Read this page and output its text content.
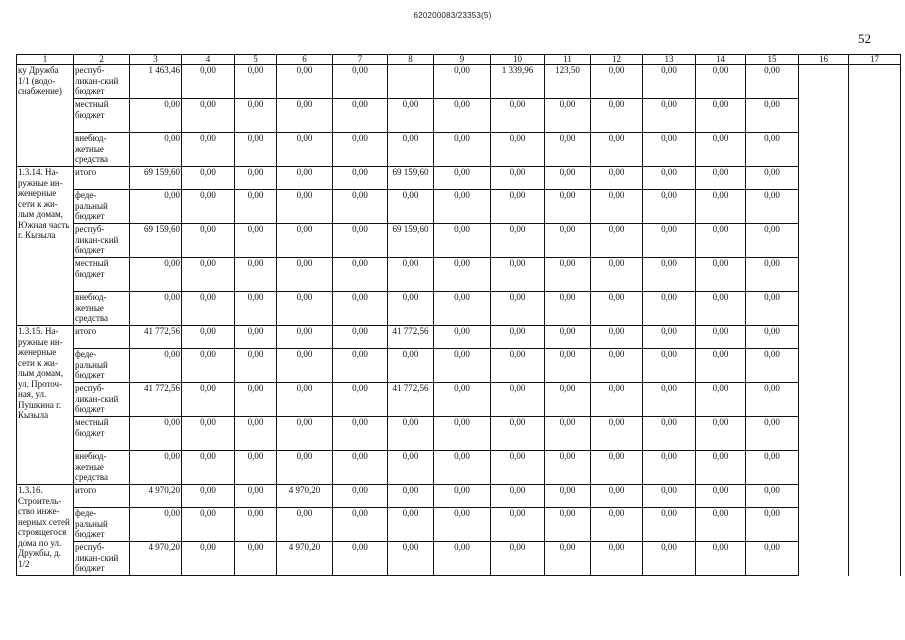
620200083/23353(5)
52
1	2	3	4	5	6	7	8	9	10	11	12	13	14	15	16	17
ку Дружба 1/1 (водо-снабжение)	респуб-ликан-ский бюджет	1 463,46	0,00	0,00	0,00	0,00		0,00	1 339,96	123,50	0,00	0,00	0,00	0,00		
	местный бюджет	0,00	0,00	0,00	0,00	0,00	0,00	0,00	0,00	0,00	0,00	0,00	0,00	0,00		
	внебюд-жетные средства	0,00	0,00	0,00	0,00	0,00	0,00	0,00	0,00	0,00	0,00	0,00	0,00	0,00		
1.3.14. На-ружные ин-женерные сети к жи-лым домам, Южная часть г. Кызыла	итого	69 159,60	0,00	0,00	0,00	0,00	69 159,60	0,00	0,00	0,00	0,00	0,00	0,00	0,00		
	феде-ральный бюджет	0,00	0,00	0,00	0,00	0,00	0,00	0,00	0,00	0,00	0,00	0,00	0,00	0,00		
	респуб-ликан-ский бюджет	69 159,60	0,00	0,00	0,00	0,00	69 159,60	0,00	0,00	0,00	0,00	0,00	0,00	0,00		
	местный бюджет	0,00	0,00	0,00	0,00	0,00	0,00	0,00	0,00	0,00	0,00	0,00	0,00	0,00		
	внебюд-жетные средства	0,00	0,00	0,00	0,00	0,00	0,00	0,00	0,00	0,00	0,00	0,00	0,00	0,00		
1.3.15. На-ружные ин-женерные сети к жи-лым домам, ул. Проточ-ная, ул. Пушкина г. Кызыла	итого	41 772,56	0,00	0,00	0,00	0,00	41 772,56	0,00	0,00	0,00	0,00	0,00	0,00	0,00		
	феде-ральный бюджет	0,00	0,00	0,00	0,00	0,00	0,00	0,00	0,00	0,00	0,00	0,00	0,00	0,00		
	респуб-ликан-ский бюджет	41 772,56	0,00	0,00	0,00	0,00	41 772,56	0,00	0,00	0,00	0,00	0,00	0,00	0,00		
	местный бюджет	0,00	0,00	0,00	0,00	0,00	0,00	0,00	0,00	0,00	0,00	0,00	0,00	0,00		
	внебюд-жетные средства	0,00	0,00	0,00	0,00	0,00	0,00	0,00	0,00	0,00	0,00	0,00	0,00	0,00		
1.3.16. Строитель-ство инже-нерных сетей строящегося дома по ул. Дружбы, д. 1/2	итого	4 970,20	0,00	0,00	4 970,20	0,00	0,00	0,00	0,00	0,00	0,00	0,00	0,00	0,00		
	феде-ральный бюджет	0,00	0,00	0,00	0,00	0,00	0,00	0,00	0,00	0,00	0,00	0,00	0,00	0,00		
	респуб-ликан-ский бюджет	4 970,20	0,00	0,00	4 970,20	0,00	0,00	0,00	0,00	0,00	0,00	0,00	0,00	0,00		
